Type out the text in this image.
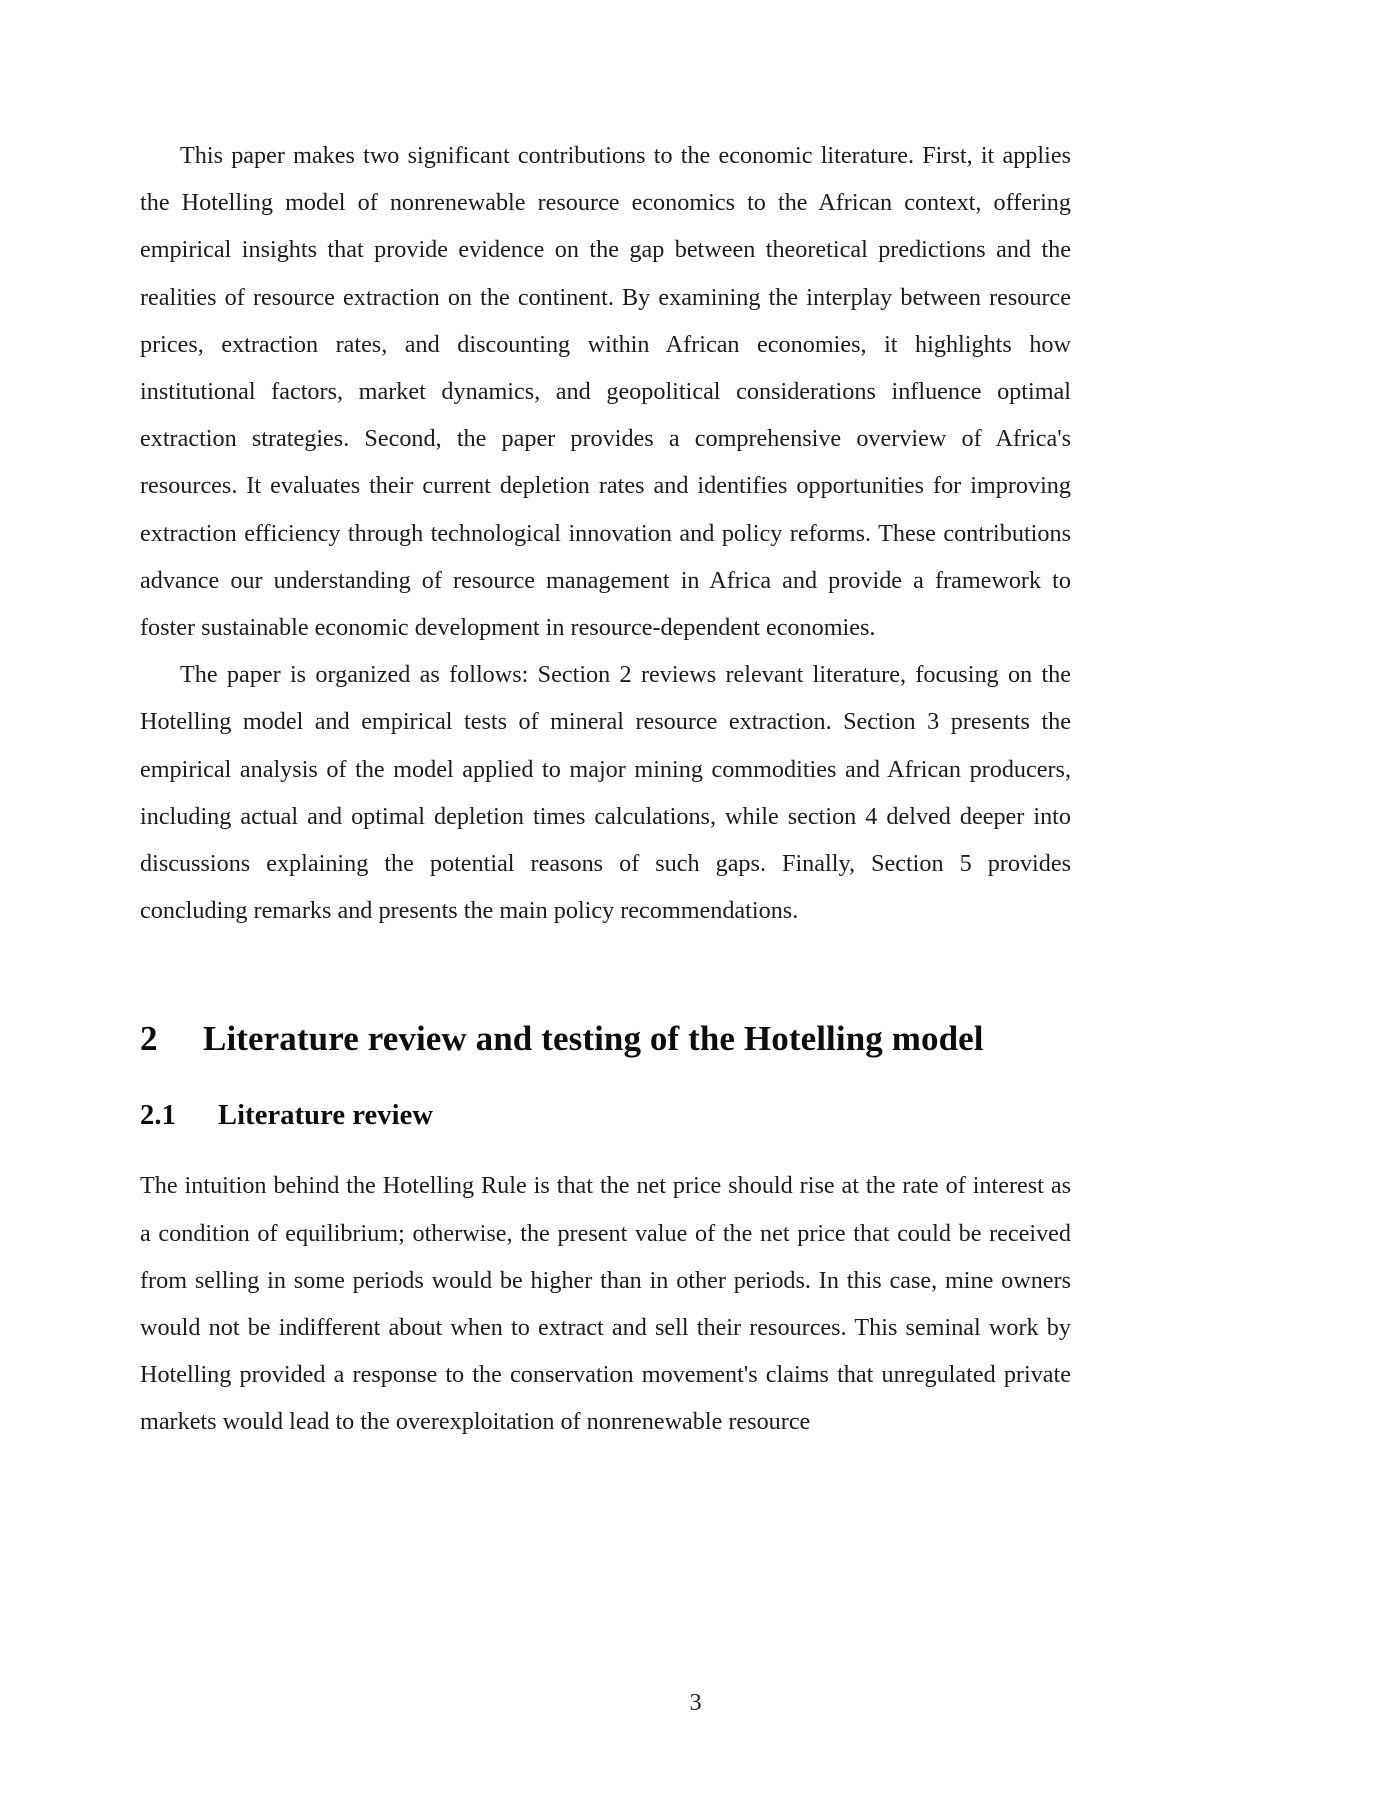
This paper makes two significant contributions to the economic literature. First, it applies the Hotelling model of nonrenewable resource economics to the African context, offering empirical insights that provide evidence on the gap between theoretical predictions and the realities of resource extraction on the continent. By examining the interplay between resource prices, extraction rates, and discounting within African economies, it highlights how institutional factors, market dynamics, and geopolitical considerations influence optimal extraction strategies. Second, the paper provides a comprehensive overview of Africa's resources. It evaluates their current depletion rates and identifies opportunities for improving extraction efficiency through technological innovation and policy reforms. These contributions advance our understanding of resource management in Africa and provide a framework to foster sustainable economic development in resource-dependent economies.

The paper is organized as follows: Section 2 reviews relevant literature, focusing on the Hotelling model and empirical tests of mineral resource extraction. Section 3 presents the empirical analysis of the model applied to major mining commodities and African producers, including actual and optimal depletion times calculations, while section 4 delved deeper into discussions explaining the potential reasons of such gaps. Finally, Section 5 provides concluding remarks and presents the main policy recommendations.

2 Literature review and testing of the Hotelling model
2.1 Literature review

The intuition behind the Hotelling Rule is that the net price should rise at the rate of interest as a condition of equilibrium; otherwise, the present value of the net price that could be received from selling in some periods would be higher than in other periods. In this case, mine owners would not be indifferent about when to extract and sell their resources. This seminal work by Hotelling provided a response to the conservation movement's claims that unregulated private markets would lead to the overexploitation of nonrenewable resource

3
